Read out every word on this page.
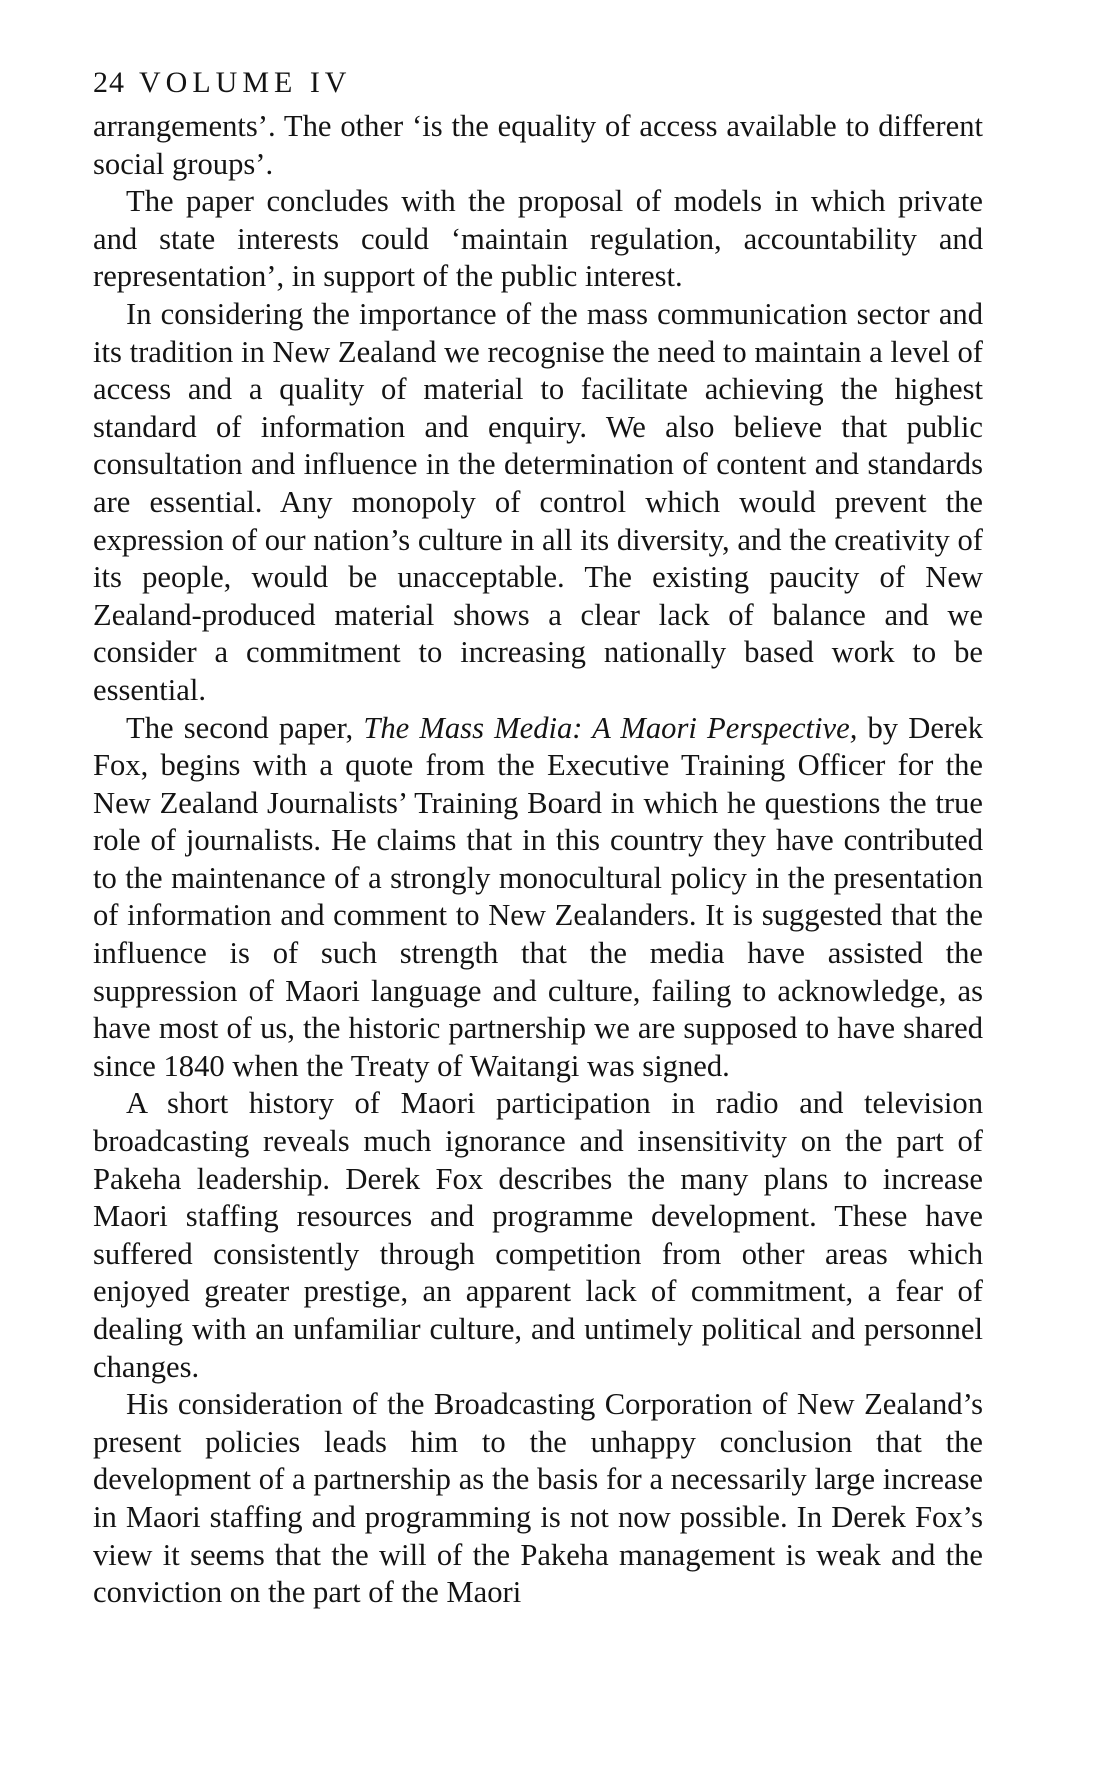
24 VOLUME IV

arrangements’. The other ‘is the equality of access available to different social groups’.

The paper concludes with the proposal of models in which private and state interests could ‘maintain regulation, accountability and representation’, in support of the public interest.

In considering the importance of the mass communication sector and its tradition in New Zealand we recognise the need to maintain a level of access and a quality of material to facilitate achieving the highest standard of information and enquiry. We also believe that public consultation and influence in the determination of content and standards are essential. Any monopoly of control which would prevent the expression of our nation’s culture in all its diversity, and the creativity of its people, would be unacceptable. The existing paucity of New Zealand-produced material shows a clear lack of balance and we consider a commitment to increasing nationally based work to be essential.

The second paper, The Mass Media: A Maori Perspective, by Derek Fox, begins with a quote from the Executive Training Officer for the New Zealand Journalists’ Training Board in which he questions the true role of journalists. He claims that in this country they have contributed to the maintenance of a strongly monocultural policy in the presentation of information and comment to New Zealanders. It is suggested that the influence is of such strength that the media have assisted the suppression of Maori language and culture, failing to acknowledge, as have most of us, the historic partnership we are supposed to have shared since 1840 when the Treaty of Waitangi was signed.

A short history of Maori participation in radio and television broadcasting reveals much ignorance and insensitivity on the part of Pakeha leadership. Derek Fox describes the many plans to increase Maori staffing resources and programme development. These have suffered consistently through competition from other areas which enjoyed greater prestige, an apparent lack of commitment, a fear of dealing with an unfamiliar culture, and untimely political and personnel changes.

His consideration of the Broadcasting Corporation of New Zealand’s present policies leads him to the unhappy conclusion that the development of a partnership as the basis for a necessarily large increase in Maori staffing and programming is not now possible. In Derek Fox’s view it seems that the will of the Pakeha management is weak and the conviction on the part of the Maori
